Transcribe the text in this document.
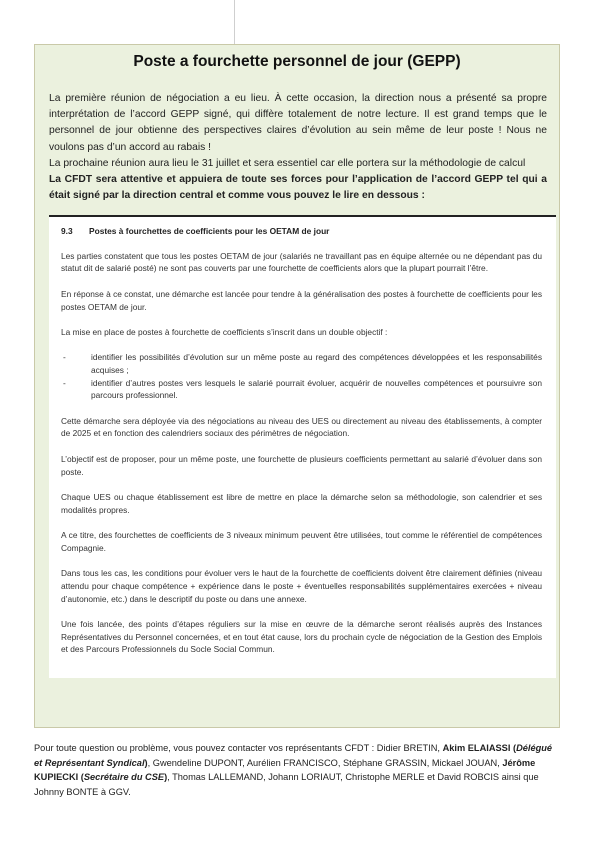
Poste a fourchette personnel de jour (GEPP)

La première réunion de négociation a eu lieu. À cette occasion, la direction nous a présenté sa propre interprétation de l’accord GEPP signé, qui diffère totalement de notre lecture. Il est grand temps que le personnel de jour obtienne des perspectives claires d’évolution au sein même de leur poste ! Nous ne voulons pas d’un accord au rabais !

La prochaine réunion aura lieu le 31 juillet et sera essentiel car elle portera sur la méthodologie de calcul

La CFDT sera attentive et appuiera de toute ses forces pour l’application de l’accord GEPP tel qui a était signé par la direction central et comme vous pouvez le lire en dessous :

9.3 Postes à fourchettes de coefficients pour les OETAM de jour

Les parties constatent que tous les postes OETAM de jour (salariés ne travaillant pas en équipe alternée ou ne dépendant pas du statut dit de salarié posté) ne sont pas couverts par une fourchette de coefficients alors que la plupart pourrait l’être.

En réponse à ce constat, une démarche est lancée pour tendre à la généralisation des postes à fourchette de coefficients pour les postes OETAM de jour.

La mise en place de postes à fourchette de coefficients s’inscrit dans un double objectif :

-	identifier les possibilités d’évolution sur un même poste au regard des compétences développées et les responsabilités acquises ;
-	identifier d’autres postes vers lesquels le salarié pourrait évoluer, acquérir de nouvelles compétences et poursuivre son parcours professionnel.

Cette démarche sera déployée via des négociations au niveau des UES ou directement au niveau des établissements, à compter de 2025 et en fonction des calendriers sociaux des périmètres de négociation.

L’objectif est de proposer, pour un même poste, une fourchette de plusieurs coefficients permettant au salarié d’évoluer dans son poste.

Chaque UES ou chaque établissement est libre de mettre en place la démarche selon sa méthodologie, son calendrier et ses modalités propres.

A ce titre, des fourchettes de coefficients de 3 niveaux minimum peuvent être utilisées, tout comme le référentiel de compétences Compagnie.

Dans tous les cas, les conditions pour évoluer vers le haut de la fourchette de coefficients doivent être clairement définies (niveau attendu pour chaque compétence + expérience dans le poste + éventuelles responsabilités supplémentaires exercées + niveau d’autonomie, etc.) dans le descriptif du poste ou dans une annexe.

Une fois lancée, des points d’étapes réguliers sur la mise en œuvre de la démarche seront réalisés auprès des Instances Représentatives du Personnel concernées, et en tout état cause, lors du prochain cycle de négociation de la Gestion des Emplois et des Parcours Professionnels du Socle Social Commun.

Pour toute question ou problème, vous pouvez contacter vos représentants CFDT : Didier BRETIN, Akim ELAIASSI (Délégué et Représentant Syndical), Gwendeline DUPONT, Aurélien FRANCISCO, Stéphane GRASSIN, Mickael JOUAN, Jérôme KUPIECKI (Secrétaire du CSE), Thomas LALLEMAND, Johann LORIAUT, Christophe MERLE et David ROBCIS ainsi que Johnny BONTE à GGV.
